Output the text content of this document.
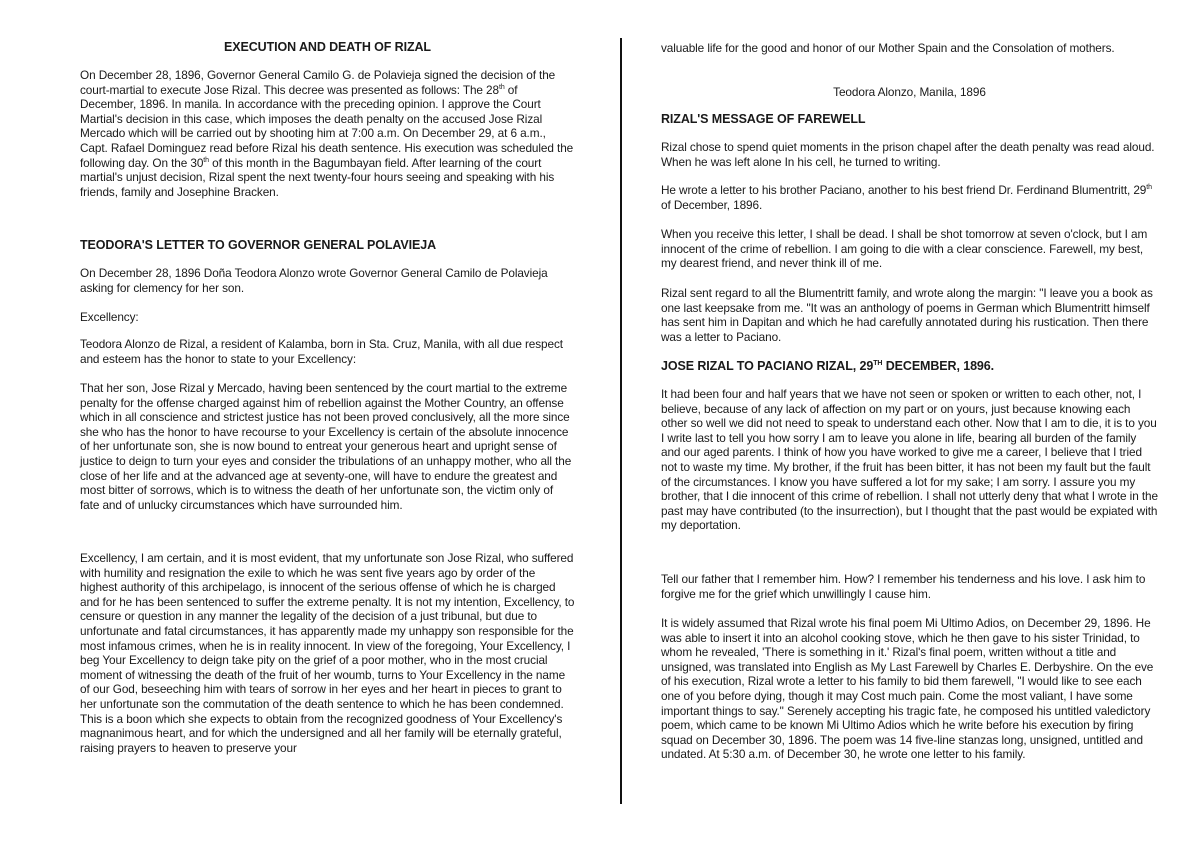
EXECUTION AND DEATH OF RIZAL

On December 28, 1896, Governor General Camilo G. de Polavieja signed the decision of the court-martial to execute Jose Rizal. This decree was presented as follows: The 28th of December, 1896. In manila. In accordance with the preceding opinion. I approve the Court Martial's decision in this case, which imposes the death penalty on the accused Jose Rizal Mercado which will be carried out by shooting him at 7:00 a.m. On December 29, at 6 a.m., Capt. Rafael Dominguez read before Rizal his death sentence. His execution was scheduled the following day. On the 30th of this month in the Bagumbayan field. After learning of the court martial's unjust decision, Rizal spent the next twenty-four hours seeing and speaking with his friends, family and Josephine Bracken.

TEODORA'S LETTER TO GOVERNOR GENERAL POLAVIEJA

On December 28, 1896 Doña Teodora Alonzo wrote Governor General Camilo de Polavieja asking for clemency for her son.

Excellency:

Teodora Alonzo de Rizal, a resident of Kalamba, born in Sta. Cruz, Manila, with all due respect and esteem has the honor to state to your Excellency:

That her son, Jose Rizal y Mercado, having been sentenced by the court martial to the extreme penalty for the offense charged against him of rebellion against the Mother Country, an offense which in all conscience and strictest justice has not been proved conclusively, all the more since she who has the honor to have recourse to your Excellency is certain of the absolute innocence of her unfortunate son, she is now bound to entreat your generous heart and upright sense of justice to deign to turn your eyes and consider the tribulations of an unhappy mother, who all the close of her life and at the advanced age at seventy-one, will have to endure the greatest and most bitter of sorrows, which is to witness the death of her unfortunate son, the victim only of fate and of unlucky circumstances which have surrounded him.

Excellency, I am certain, and it is most evident, that my unfortunate son Jose Rizal, who suffered with humility and resignation the exile to which he was sent five years ago by order of the highest authority of this archipelago, is innocent of the serious offense of which he is charged and for he has been sentenced to suffer the extreme penalty. It is not my intention, Excellency, to censure or question in any manner the legality of the decision of a just tribunal, but due to unfortunate and fatal circumstances, it has apparently made my unhappy son responsible for the most infamous crimes, when he is in reality innocent. In view of the foregoing, Your Excellency, I beg Your Excellency to deign take pity on the grief of a poor mother, who in the most crucial moment of witnessing the death of the fruit of her woumb, turns to Your Excellency in the name of our God, beseeching him with tears of sorrow in her eyes and her heart in pieces to grant to her unfortunate son the commutation of the death sentence to which he has been condemned. This is a boon which she expects to obtain from the recognized goodness of Your Excellency's magnanimous heart, and for which the undersigned and all her family will be eternally grateful, raising prayers to heaven to preserve your

valuable life for the good and honor of our Mother Spain and the Consolation of mothers.

Teodora Alonzo, Manila, 1896

RIZAL'S MESSAGE OF FAREWELL

Rizal chose to spend quiet moments in the prison chapel after the death penalty was read aloud. When he was left alone In his cell, he turned to writing.

He wrote a letter to his brother Paciano, another to his best friend Dr. Ferdinand Blumentritt, 29th of December, 1896.

When you receive this letter, I shall be dead. I shall be shot tomorrow at seven o'clock, but I am innocent of the crime of rebellion. I am going to die with a clear conscience. Farewell, my best, my dearest friend, and never think ill of me.

Rizal sent regard to all the Blumentritt family, and wrote along the margin: "I leave you a book as one last keepsake from me. "It was an anthology of poems in German which Blumentritt himself has sent him in Dapitan and which he had carefully annotated during his rustication. Then there was a letter to Paciano.

JOSE RIZAL TO PACIANO RIZAL, 29TH DECEMBER, 1896.

It had been four and half years that we have not seen or spoken or written to each other, not, I believe, because of any lack of affection on my part or on yours, just because knowing each other so well we did not need to speak to understand each other. Now that I am to die, it is to you I write last to tell you how sorry I am to leave you alone in life, bearing all burden of the family and our aged parents. I think of how you have worked to give me a career, I believe that I tried not to waste my time. My brother, if the fruit has been bitter, it has not been my fault but the fault of the circumstances. I know you have suffered a lot for my sake; I am sorry. I assure you my brother, that I die innocent of this crime of rebellion. I shall not utterly deny that what I wrote in the past may have contributed (to the insurrection), but I thought that the past would be expiated with my deportation.

Tell our father that I remember him. How? I remember his tenderness and his love. I ask him to forgive me for the grief which unwillingly I cause him.

It is widely assumed that Rizal wrote his final poem Mi Ultimo Adios, on December 29, 1896. He was able to insert it into an alcohol cooking stove, which he then gave to his sister Trinidad, to whom he revealed, 'There is something in it.' Rizal's final poem, written without a title and unsigned, was translated into English as My Last Farewell by Charles E. Derbyshire. On the eve of his execution, Rizal wrote a letter to his family to bid them farewell, "I would like to see each one of you before dying, though it may Cost much pain. Come the most valiant, I have some important things to say." Serenely accepting his tragic fate, he composed his untitled valedictory poem, which came to be known Mi Ultimo Adios which he write before his execution by firing squad on December 30, 1896. The poem was 14 five-line stanzas long, unsigned, untitled and undated. At 5:30 a.m. of December 30, he wrote one letter to his family.
